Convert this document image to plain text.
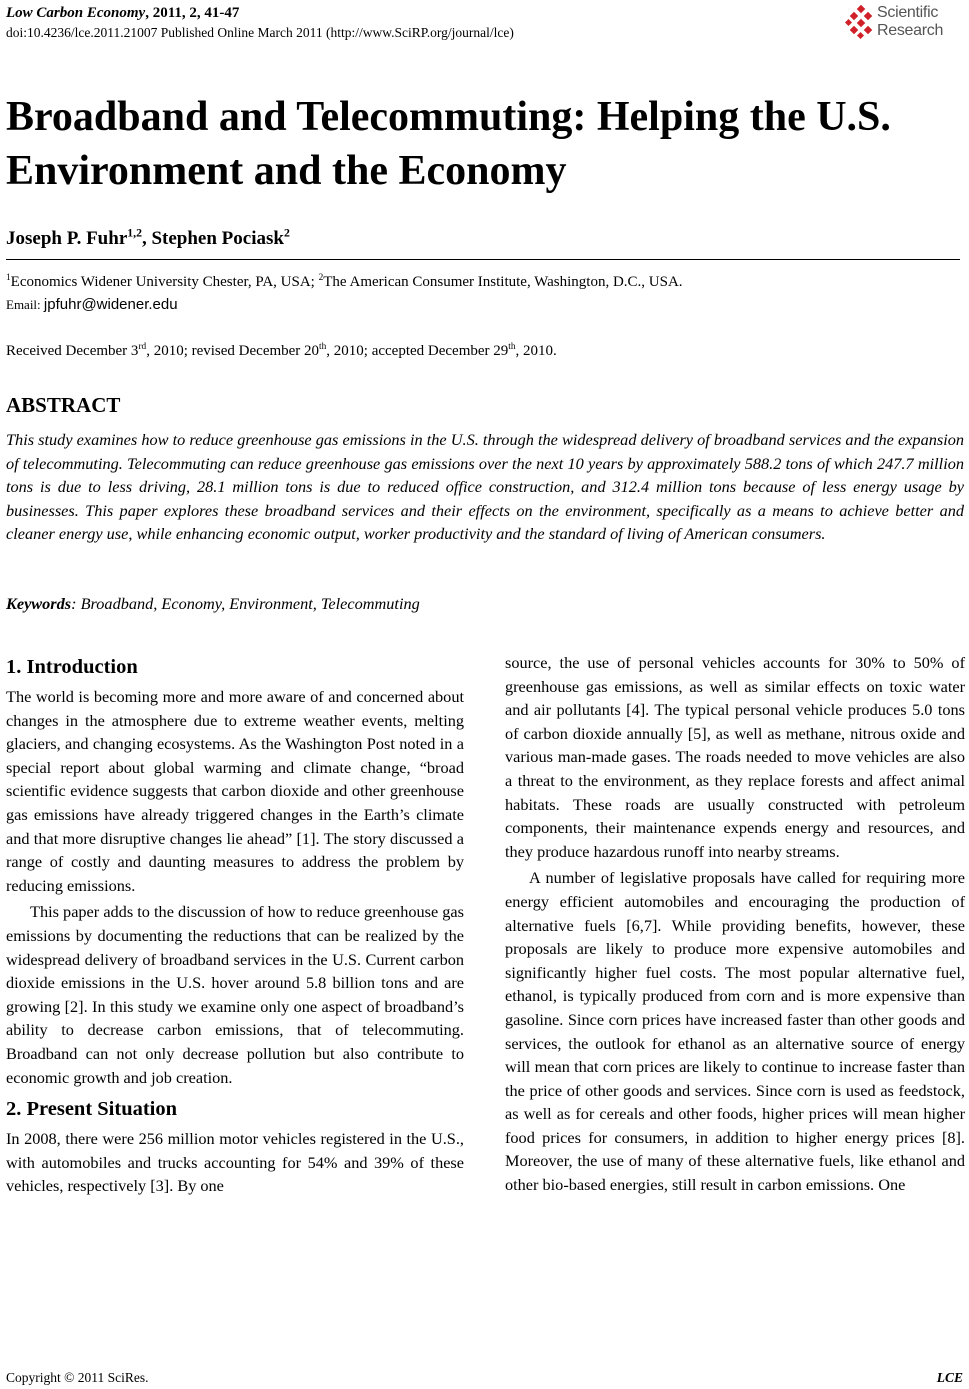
Low Carbon Economy, 2011, 2, 41-47
doi:10.4236/lce.2011.21007 Published Online March 2011 (http://www.SciRP.org/journal/lce)
Scientific
Research
Broadband and Telecommuting: Helping the U.S.
Environment and the Economy
Joseph P. Fuhr$^{1,2}$, Stephen Pociask$^2$
$^1$Economics Widener University Chester, PA, USA; $^2$The American Consumer Institute, Washington, D.C., USA.
Email: jpfuhr@widener.edu
Received December 3rd, 2010; revised December 20th, 2010; accepted December 29th, 2010.
ABSTRACT
This study examines how to reduce greenhouse gas emissions in the U.S. through the widespread delivery of broadband services and the expansion of telecommuting. Telecommuting can reduce greenhouse gas emissions over the next 10 years by approximately 588.2 tons of which 247.7 million tons is due to less driving, 28.1 million tons is due to reduced office construction, and 312.4 million tons because of less energy usage by businesses. This paper explores these broadband services and their effects on the environment, specifically as a means to achieve better and cleaner energy use, while enhancing economic output, worker productivity and the standard of living of American consumers.
Keywords: Broadband, Economy, Environment, Telecommuting
1. Introduction

The world is becoming more and more aware of and concerned about changes in the atmosphere due to extreme weather events, melting glaciers, and changing ecosystems. As the Washington Post noted in a special report about global warming and climate change, “broad scientific evidence suggests that carbon dioxide and other greenhouse gas emissions have already triggered changes in the Earth’s climate and that more disruptive changes lie ahead” [1]. The story discussed a range of costly and daunting measures to address the problem by reducing emissions.

This paper adds to the discussion of how to reduce greenhouse gas emissions by documenting the reductions that can be realized by the widespread delivery of broadband services in the U.S. Current carbon dioxide emissions in the U.S. hover around 5.8 billion tons and are growing [2]. In this study we examine only one aspect of broadband’s ability to decrease carbon emissions, that of telecommuting. Broadband can not only decrease pollution but also contribute to economic growth and job creation.

2. Present Situation

In 2008, there were 256 million motor vehicles registered in the U.S., with automobiles and trucks accounting for 54% and 39% of these vehicles, respectively [3]. By one

source, the use of personal vehicles accounts for 30% to 50% of greenhouse gas emissions, as well as similar effects on toxic water and air pollutants [4]. The typical personal vehicle produces 5.0 tons of carbon dioxide annually [5], as well as methane, nitrous oxide and various man-made gases. The roads needed to move vehicles are also a threat to the environment, as they replace forests and affect animal habitats. These roads are usually constructed with petroleum components, their maintenance expends energy and resources, and they produce hazardous runoff into nearby streams.

A number of legislative proposals have called for requiring more energy efficient automobiles and encouraging the production of alternative fuels [6,7]. While providing benefits, however, these proposals are likely to produce more expensive automobiles and significantly higher fuel costs. The most popular alternative fuel, ethanol, is typically produced from corn and is more expensive than gasoline. Since corn prices have increased faster than other goods and services, the outlook for ethanol as an alternative source of energy will mean that corn prices are likely to continue to increase faster than the price of other goods and services. Since corn is used as feedstock, as well as for cereals and other foods, higher prices will mean higher food prices for consumers, in addition to higher energy prices [8]. Moreover, the use of many of these alternative fuels, like ethanol and other bio-based energies, still result in carbon emissions. One

Copyright © 2011 SciRes.	LCE
